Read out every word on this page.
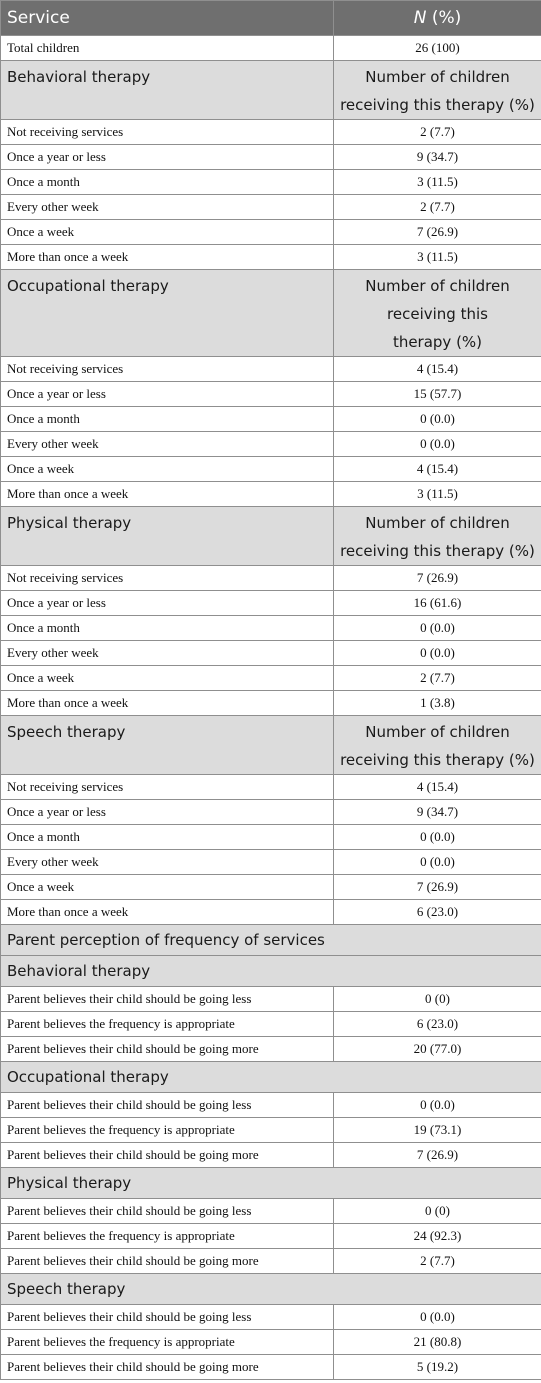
Service	N (%)
Total children	26 (100)
Behavioral therapy	Number of children receiving this therapy (%)
Not receiving services	2 (7.7)
Once a year or less	9 (34.7)
Once a month	3 (11.5)
Every other week	2 (7.7)
Once a week	7 (26.9)
More than once a week	3 (11.5)
Occupational therapy	Number of children receiving this therapy (%)
Not receiving services	4 (15.4)
Once a year or less	15 (57.7)
Once a month	0 (0.0)
Every other week	0 (0.0)
Once a week	4 (15.4)
More than once a week	3 (11.5)
Physical therapy	Number of children receiving this therapy (%)
Not receiving services	7 (26.9)
Once a year or less	16 (61.6)
Once a month	0 (0.0)
Every other week	0 (0.0)
Once a week	2 (7.7)
More than once a week	1 (3.8)
Speech therapy	Number of children receiving this therapy (%)
Not receiving services	4 (15.4)
Once a year or less	9 (34.7)
Once a month	0 (0.0)
Every other week	0 (0.0)
Once a week	7 (26.9)
More than once a week	6 (23.0)
Parent perception of frequency of services	
Behavioral therapy	
Parent believes their child should be going less	0 (0)
Parent believes the frequency is appropriate	6 (23.0)
Parent believes their child should be going more	20 (77.0)
Occupational therapy	
Parent believes their child should be going less	0 (0.0)
Parent believes the frequency is appropriate	19 (73.1)
Parent believes their child should be going more	7 (26.9)
Physical therapy	
Parent believes their child should be going less	0 (0)
Parent believes the frequency is appropriate	24 (92.3)
Parent believes their child should be going more	2 (7.7)
Speech therapy	
Parent believes their child should be going less	0 (0.0)
Parent believes the frequency is appropriate	21 (80.8)
Parent believes their child should be going more	5 (19.2)
